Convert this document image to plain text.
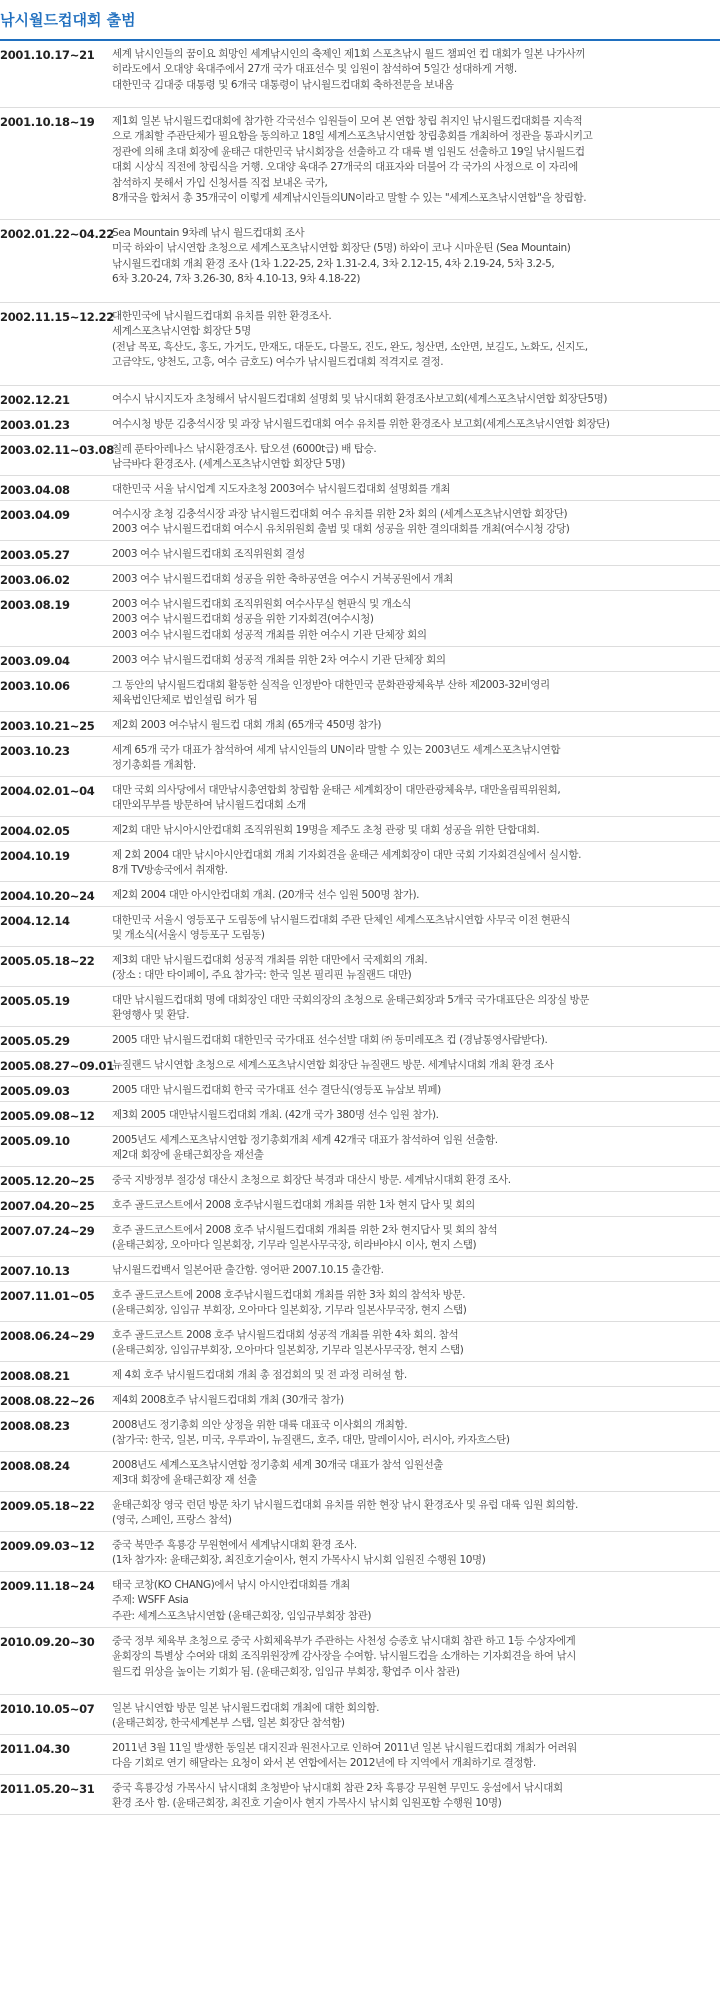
낚시월드컵대회 출범
2001.10.17~21	세계 낚시인들의 꿈이요 희망인 세계낚시인의 축제인 제1회 스포츠낚시 월드 챔피언 컵 대회가 일본 나가사끼
히라도에서 오대양 육대주에서 27개 국가 대표선수 및 임원이 참석하여 5일간 성대하게 거행.
대한민국 김대중 대통령 및 6개국 대통령이 낚시월드컵대회 축하전문을 보내옴
2001.10.18~19	제1회 일본 낚시월드컵대회에 참가한 각국선수 임원들이 모여 본 연합 창립 취지인 낚시월드컵대회를 지속적
으로 개최할 주관단체가 필요함을 동의하고 18일 세계스포츠낚시연합 창립총회를 개최하여 정관을 통과시키고
정관에 의해 초대 회장에 윤태근 대한민국 낚시회장을 선출하고 각 대륙 별 임원도 선출하고 19일 낚시월드컵
대회 시상식 직전에 창립식을 거행. 오대양 육대주 27개국의 대표자와 더불어 각 국가의 사정으로 이 자리에
참석하지 못해서 가입 신청서를 직접 보내온 국가,
8개국을 합쳐서 총 35개국이 이렇게 세계낚시인들의UN이라고 말할 수 있는 "세계스포츠낚시연합"을 창립함.
2002.01.22~04.22
Sea Mountain 9차례 낚시 월드컵대회 조사
미국 하와이 낚시연합 초청으로 세계스포츠낚시연합 회장단 (5명) 하와이 코나 시마운틴 (Sea Mountain)
낚시월드컵대회 개최 환경 조사 (1차 1.22-25, 2차 1.31-2.4, 3차 2.12-15, 4차 2.19-24, 5차 3.2-5,
6차 3.20-24, 7차 3.26-30, 8차 4.10-13, 9차 4.18-22)
2002.11.15~12.22
대한민국에 낚시월드컵대회 유치를 위한 환경조사.
세계스포츠낚시연합 회장단 5명
(전남 목포, 흑산도, 홍도, 가거도, 만재도, 대둔도, 다물도, 진도, 완도, 청산면, 소안면, 보길도, 노화도, 신지도,
고금약도, 양천도, 고흥, 여수 금호도) 여수가 낚시월드컵대회 적격지로 결정.
2002.12.21	여수시 낚시지도자 초청해서 낚시월드컵대회 설명회 및 낚시대회 환경조사보고회(세계스포츠낚시연합 회장단5명)
2003.01.23	여수시청 방문 김충석시장 및 과장 낚시월드컵대회 여수 유치를 위한 환경조사 보고회(세계스포츠낚시연합 회장단)
2003.02.11~03.08
칠레 푼타아레나스 낚시환경조사. 탑오션 (6000t급) 배 탑승.
남극바다 환경조사. (세계스포츠낚시연합 회장단 5명)
2003.04.08	대한민국 서울 낚시업계 지도자초청 2003여수 낚시월드컵대회 설명회를 개최
2003.04.09	여수시장 초청 김충석시장 과장 낚시월드컵대회 여수 유치를 위한 2차 회의 (세계스포츠낚시연합 회장단)
2003 여수 낚시월드컵대회 여수시 유치위원회 출범 및 대회 성공을 위한 결의대회를 개최(여수시청 강당)
2003.05.27	2003 여수 낚시월드컵대회 조직위원회 결성
2003.06.02	2003 여수 낚시월드컵대회 성공을 위한 축하공연을 여수시 거북공원에서 개최
2003.08.19	2003 여수 낚시월드컵대회 조직위원회 여수사무실 현판식 및 개소식
2003 여수 낚시월드컵대회 성공을 위한 기자회견(여수시청)
2003 여수 낚시월드컵대회 성공적 개최를 위한 여수시 기관 단체장 회의
2003.09.04	2003 여수 낚시월드컵대회 성공적 개최를 위한 2차 여수시 기관 단체장 회의
2003.10.06	그 동안의 낚시월드컵대회 활동한 실적을 인정받아 대한민국 문화관광체육부 산하 제2003-32비영리
체육법인단체로 법인설립 허가 됨
2003.10.21~25	제2회 2003 여수낚시 월드컵 대회 개최 (65개국 450명 참가)
2003.10.23	세계 65개 국가 대표가 참석하여 세계 낚시인들의 UN이라 말할 수 있는 2003년도 세계스포츠낚시연합
정기총회를 개최함.
2004.02.01~04	대만 국회 의사당에서 대만낚시총연합회 창립함 윤태근 세계회장이 대만관광체육부, 대만올림픽위원회,
대만외무부를 방문하여 낚시월드컵대회 소개
2004.02.05	제2회 대만 낚시아시안컵대회 조직위원회 19명을 제주도 초청 관광 및 대회 성공을 위한 단합대회.
2004.10.19	제 2회 2004 대만 낚시아시안컵대회 개최 기자회견을 윤태근 세계회장이 대만 국회 기자회견실에서 실시함.
8개 TV방송국에서 취재함.
2004.10.20~24	제2회 2004 대만 아시안컵대회 개최. (20개국 선수 임원 500명 참가).
2004.12.14	대한민국 서울시 영등포구 도림동에 낚시월드컵대회 주관 단체인 세계스포츠낚시연합 사무국 이전 현판식
및 개소식(서울시 영등포구 도림동)
2005.05.18~22	제3회 대만 낚시월드컵대회 성공적 개최를 위한 대만에서 국제회의 개최.
(장소 : 대만 타이페이, 주요 참가국: 한국 일본 필리핀 뉴질랜드 대만)
2005.05.19	대만 낚시월드컵대회 명예 대회장인 대만 국회의장의 초청으로 윤태근회장과 5개국 국가대표단은 의장실 방문
환영행사 및 환담.
2005.05.29	2005 대만 낚시월드컵대회 대한민국 국가대표 선수선발 대회 ㈜ 동미레포츠 컵 (경남통영사람받다).
2005.08.27~09.01
뉴질랜드 낚시연합 초청으로 세계스포츠낚시연합 회장단 뉴질랜드 방문. 세계낚시대회 개최 환경 조사
2005.09.03	2005 대만 낚시월드컵대회 한국 국가대표 선수 결단식(영등포 뉴삼보 뷔페)
2005.09.08~12	제3회 2005 대만낚시월드컵대회 개최. (42개 국가 380명 선수 임원 참가).
2005.09.10	2005년도 세계스포츠낚시연합 정기총회개최 세계 42개국 대표가 참석하여 임원 선출함.
제2대 회장에 윤태근회장을 재선출
2005.12.20~25	중국 지방정부 절강성 대산시 초청으로 회장단 북경과 대산시 방문. 세계낚시대회 환경 조사.
2007.04.20~25	호주 골드코스트에서 2008 호주낚시월드컵대회 개최를 위한 1차 현지 답사 및 회의
2007.07.24~29	호주 골드코스트에서 2008 호주 낚시월드컵대회 개최를 위한 2차 현지답사 및 회의 참석
(윤태근회장, 오아마다 일본회장, 기무라 일본사무국장, 히라바야시 이사, 현지 스탭)
2007.10.13	낚시월드컵백서 일본어판 출간함. 영어판 2007.10.15 출간함.
2007.11.01~05	호주 골드코스트에 2008 호주낚시월드컵대회 개최를 위한 3차 회의 참석차 방문.
(윤태근회장, 임임규 부회장, 오아마다 일본회장, 기무라 일본사무국장, 현지 스탭)
2008.06.24~29	호주 골드코스트 2008 호주 낚시월드컵대회 성공적 개최를 위한 4차 회의. 참석
(윤태근회장, 임임규부회장, 오아마다 일본회장, 기무라 일본사무국장, 현지 스탭)
2008.08.21	제 4회 호주 낚시월드컵대회 개최 총 점검회의 및 전 과정 리허설 함.
2008.08.22~26	제4회 2008호주 낚시월드컵대회 개최 (30개국 참가)
2008.08.23	2008년도 정기총회 의안 상정을 위한 대륙 대표국 이사회의 개최함.
(참가국: 한국, 일본, 미국, 우루과이, 뉴질랜드, 호주, 대만, 말레이시아, 러시아, 카자흐스탄)
2008.08.24	2008년도 세계스포츠낚시연합 정기총회 세계 30개국 대표가 참석 임원선출
제3대 회장에 윤태근회장 재 선출
2009.05.18~22	윤태근회장 영국 런던 방문 차기 낚시월드컵대회 유치를 위한 현장 낚시 환경조사 및 유럽 대륙 임원 회의함.
(영국, 스페인, 프랑스 참석)
2009.09.03~12	중국 북만주 흑룡강 무원현에서 세계낚시대회 환경 조사.
(1차 참가자: 윤태근회장, 최진호기술이사, 현지 가목사시 낚시회 임원진 수행원 10명)
2009.11.18~24	태국 코창(KO CHANG)에서 낚시 아시안컵대회를 개최
주제: WSFF Asia
주관: 세계스포츠낚시연합 (윤태근회장, 임임규부회장 참관)
2010.09.20~30	중국 정부 체육부 초청으로 중국 사회체육부가 주관하는 사천성 승종호 낚시대회 참관 하고 1등 수상자에게
윤회장의 특별상 수여와 대회 조직위원장께 감사장을 수여함. 낚시월드컵을 소개하는 기자회견을 하여 낚시
월드컵 위상을 높이는 기회가 됨. (윤태근회장, 임임규 부회장, 황엽주 이사 참관)
2010.10.05~07	일본 낚시연합 방문 일본 낚시월드컵대회 개최에 대한 회의함.
(윤태근회장, 한국세계본부 스탭, 일본 회장단 참석함)
2011.04.30	2011년 3월 11일 발생한 동일본 대지진과 원전사고로 인하여 2011년 일본 낚시월드컵대회 개최가 어려워
다음 기회로 연기 해달라는 요청이 와서 본 연합에서는 2012년에 타 지역에서 개최하기로 결정함.
2011.05.20~31	중국 흑룡강성 가목사시 낚시대회 초청받아 낚시대회 참관 2차 흑룡강 무원현 무민도 웅섬에서 낚시대회
환경 조사 함. (윤태근회장, 최진호 기술이사 현지 가목사시 낚시회 임원포함 수행원 10명)
